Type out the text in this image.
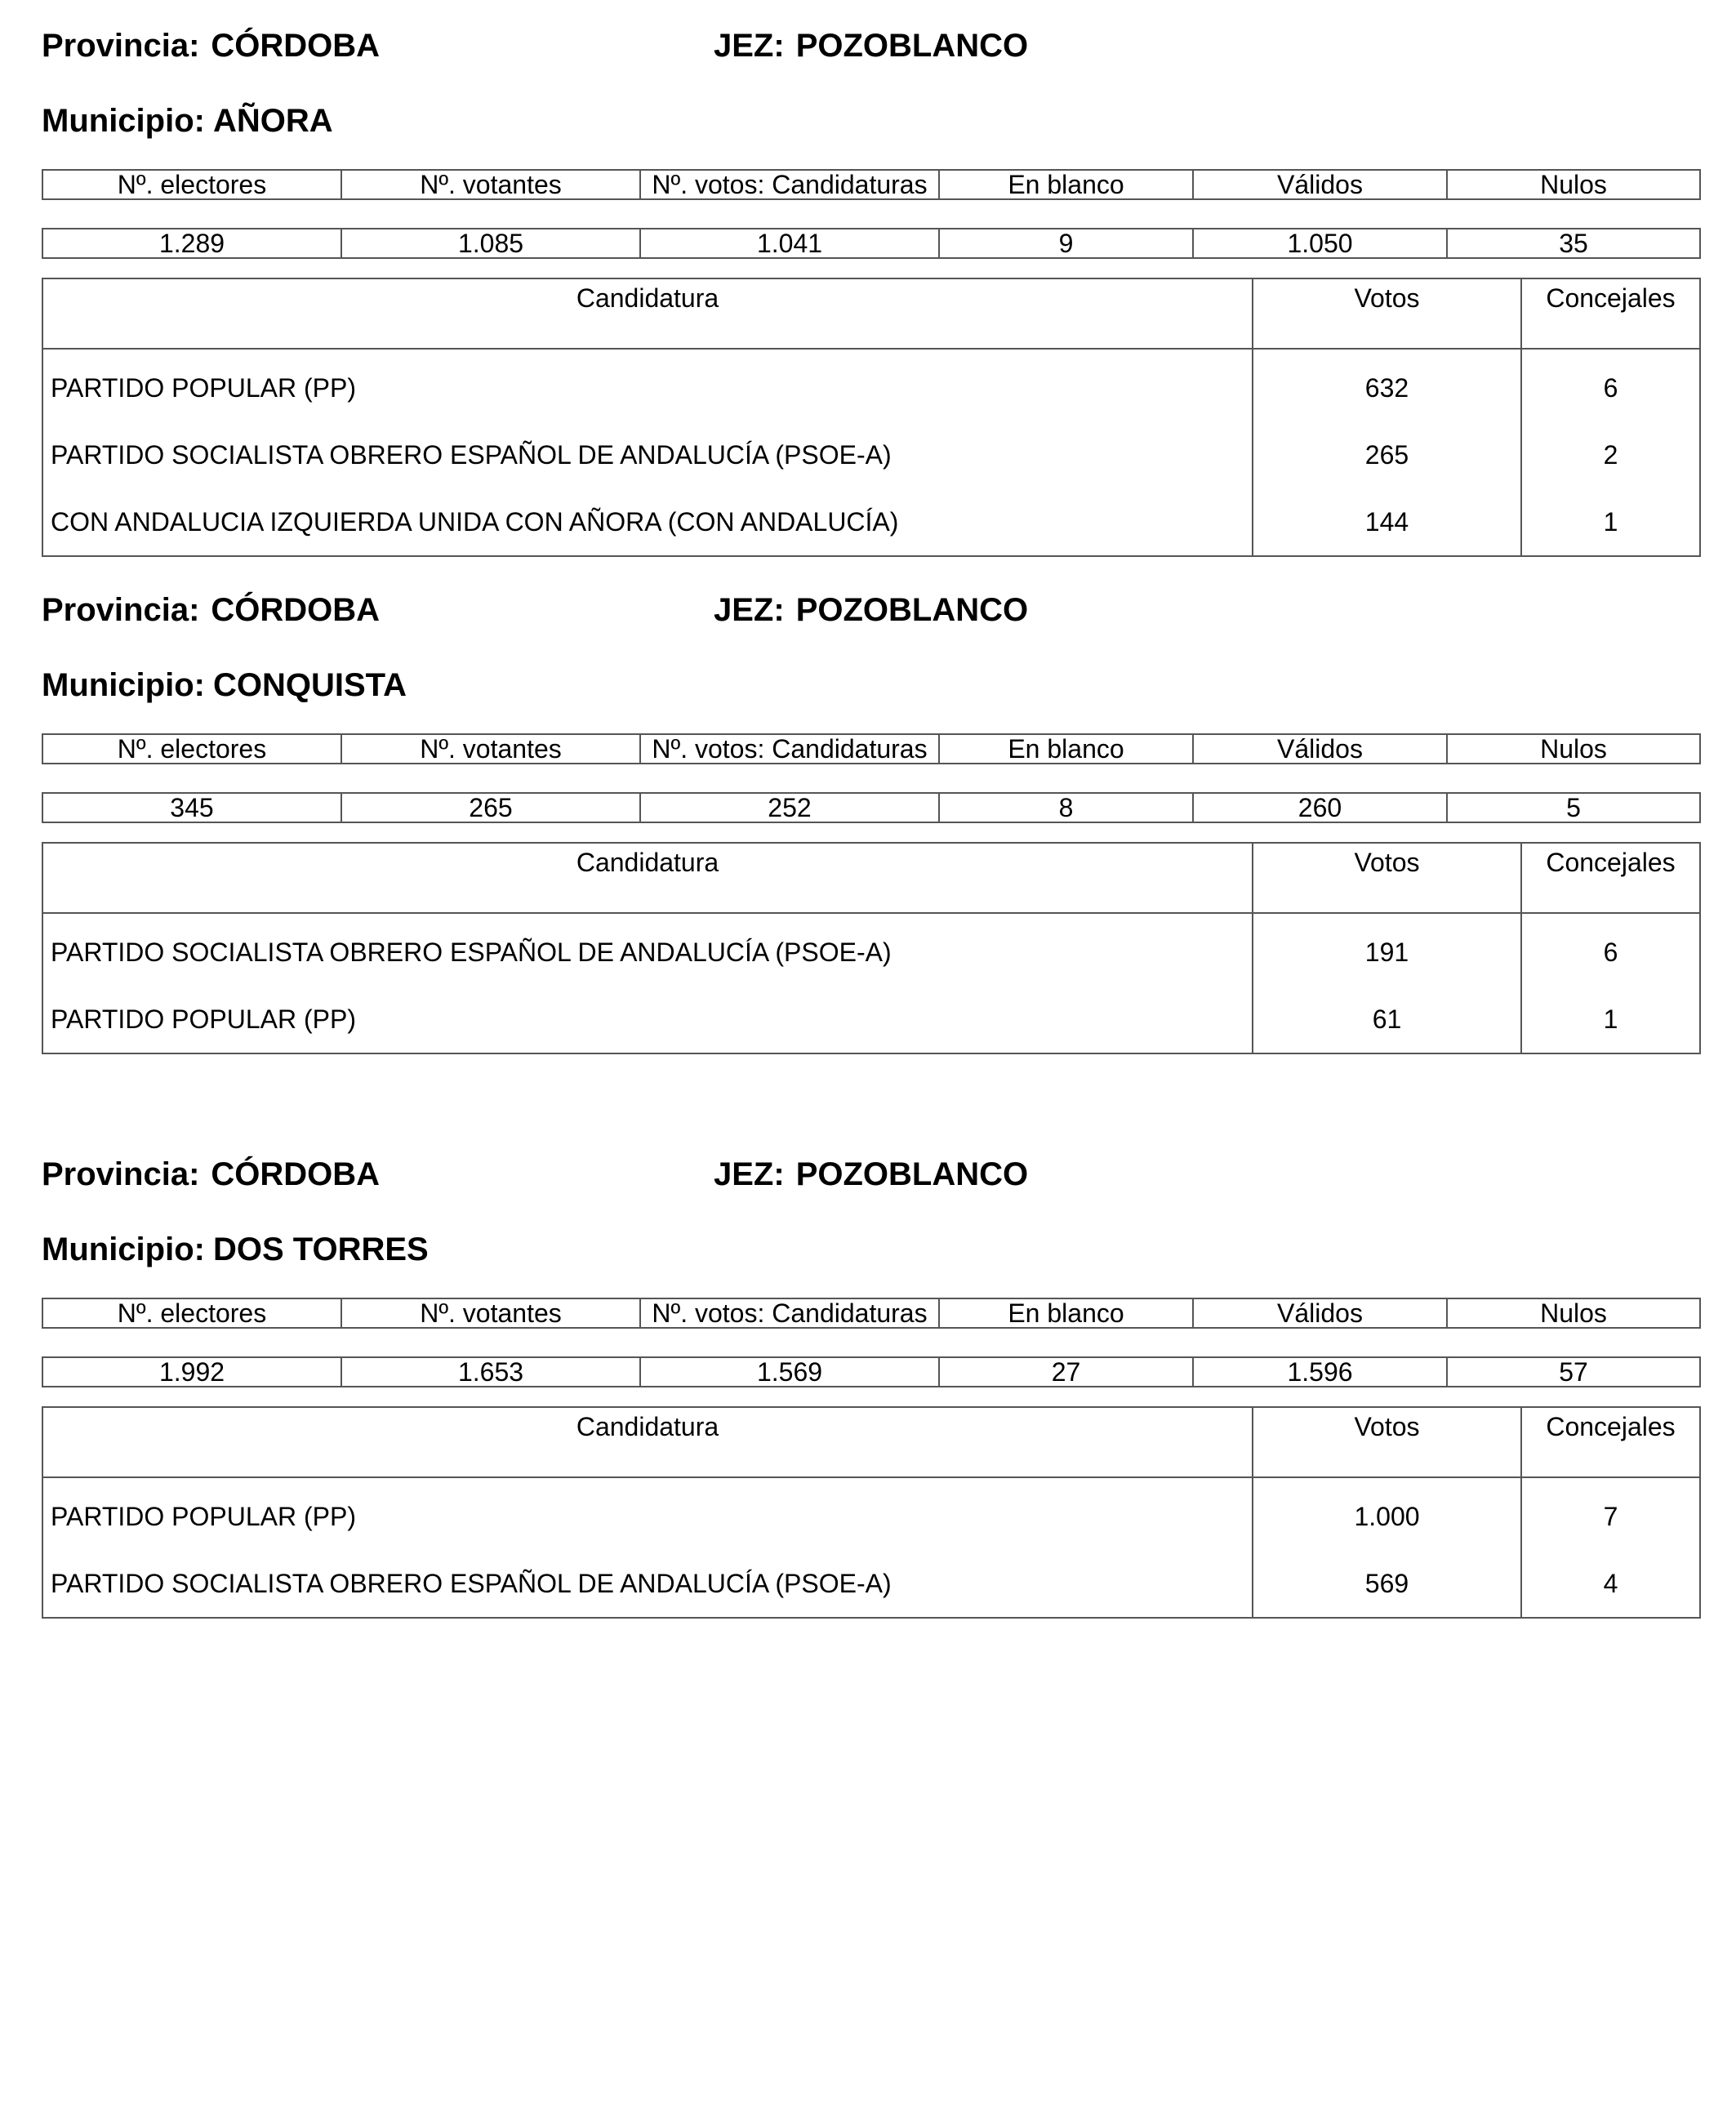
Provincia: CÓRDOBA	JEZ: POZOBLANCO
Municipio: AÑORA
Nº. electores	Nº. votantes	Nº. votos: Candidaturas	En blanco	Válidos	Nulos

1.289	1.085	1.041	9	1.050	35
Candidatura	Votos	Concejales
PARTIDO POPULAR (PP)	632	6
PARTIDO SOCIALISTA OBRERO ESPAÑOL DE ANDALUCÍA (PSOE-A)	265	2
CON ANDALUCIA IZQUIERDA UNIDA CON AÑORA (CON ANDALUCÍA)	144	1
Provincia: CÓRDOBA	JEZ: POZOBLANCO
Municipio: CONQUISTA
Nº. electores	Nº. votantes	Nº. votos: Candidaturas	En blanco	Válidos	Nulos

345	265	252	8	260	5
Candidatura	Votos	Concejales
PARTIDO SOCIALISTA OBRERO ESPAÑOL DE ANDALUCÍA (PSOE-A)	191	6
PARTIDO POPULAR (PP)	61	1
Provincia: CÓRDOBA	JEZ: POZOBLANCO
Municipio: DOS TORRES
Nº. electores	Nº. votantes	Nº. votos: Candidaturas	En blanco	Válidos	Nulos

1.992	1.653	1.569	27	1.596	57
Candidatura	Votos	Concejales
PARTIDO POPULAR (PP)	1.000	7
PARTIDO SOCIALISTA OBRERO ESPAÑOL DE ANDALUCÍA (PSOE-A)	569	4
